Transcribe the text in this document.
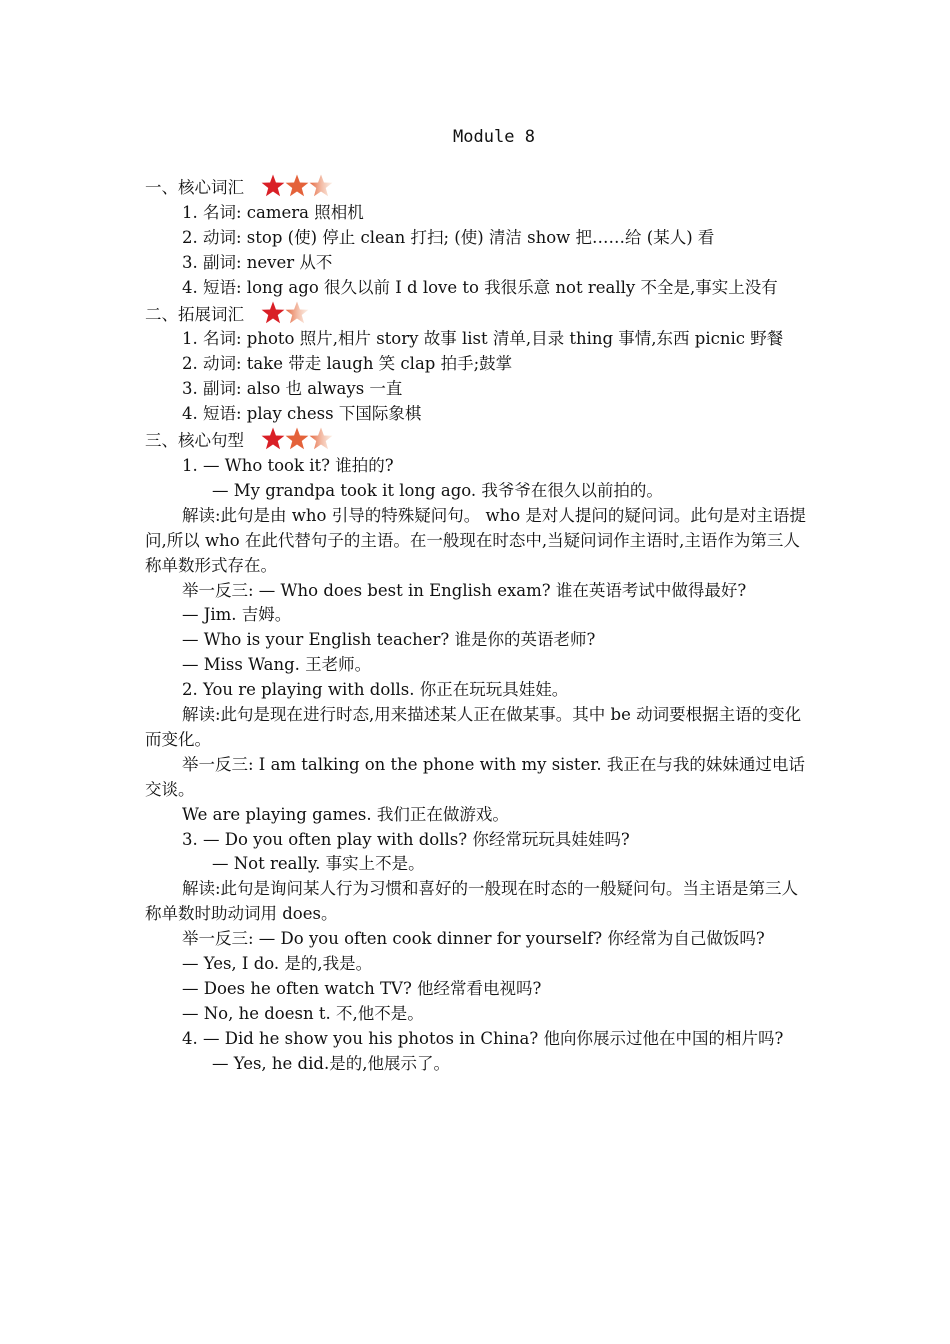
Module 8

一、核心词汇

1. 名词: camera 照相机

2. 动词: stop (使) 停止 clean 打扫; (使) 清洁 show 把……给 (某人) 看

3. 副词: never 从不

4. 短语: long ago 很久以前 I d love to 我很乐意 not really 不全是,事实上没有

二、拓展词汇

1. 名词: photo 照片,相片 story 故事 list 清单,目录 thing 事情,东西 picnic 野餐

2. 动词: take 带走 laugh 笑 clap 拍手;鼓掌

3. 副词: also 也 always 一直

4. 短语: play chess 下国际象棋

三、核心句型

1. — Who took it? 谁拍的?

— My grandpa took it long ago. 我爷爷在很久以前拍的。

解读:此句是由 who 引导的特殊疑问句。 who 是对人提问的疑问词。此句是对主语提问,所以 who 在此代替句子的主语。在一般现在时态中,当疑问词作主语时,主语作为第三人称单数形式存在。

举一反三: — Who does best in English exam? 谁在英语考试中做得最好?

— Jim. 吉姆。

— Who is your English teacher? 谁是你的英语老师?

— Miss Wang. 王老师。

2. You re playing with dolls. 你正在玩玩具娃娃。

解读:此句是现在进行时态,用来描述某人正在做某事。其中 be 动词要根据主语的变化而变化。

举一反三: I am talking on the phone with my sister. 我正在与我的妹妹通过电话交谈。

We are playing games. 我们正在做游戏。

3. — Do you often play with dolls? 你经常玩玩具娃娃吗?

— Not really. 事实上不是。

解读:此句是询问某人行为习惯和喜好的一般现在时态的一般疑问句。当主语是第三人称单数时助动词用 does。

举一反三: — Do you often cook dinner for yourself? 你经常为自己做饭吗?

— Yes, I do. 是的,我是。

— Does he often watch TV? 他经常看电视吗?

— No, he doesn t. 不,他不是。

4. — Did he show you his photos in China? 他向你展示过他在中国的相片吗?

— Yes, he did.是的,他展示了。
